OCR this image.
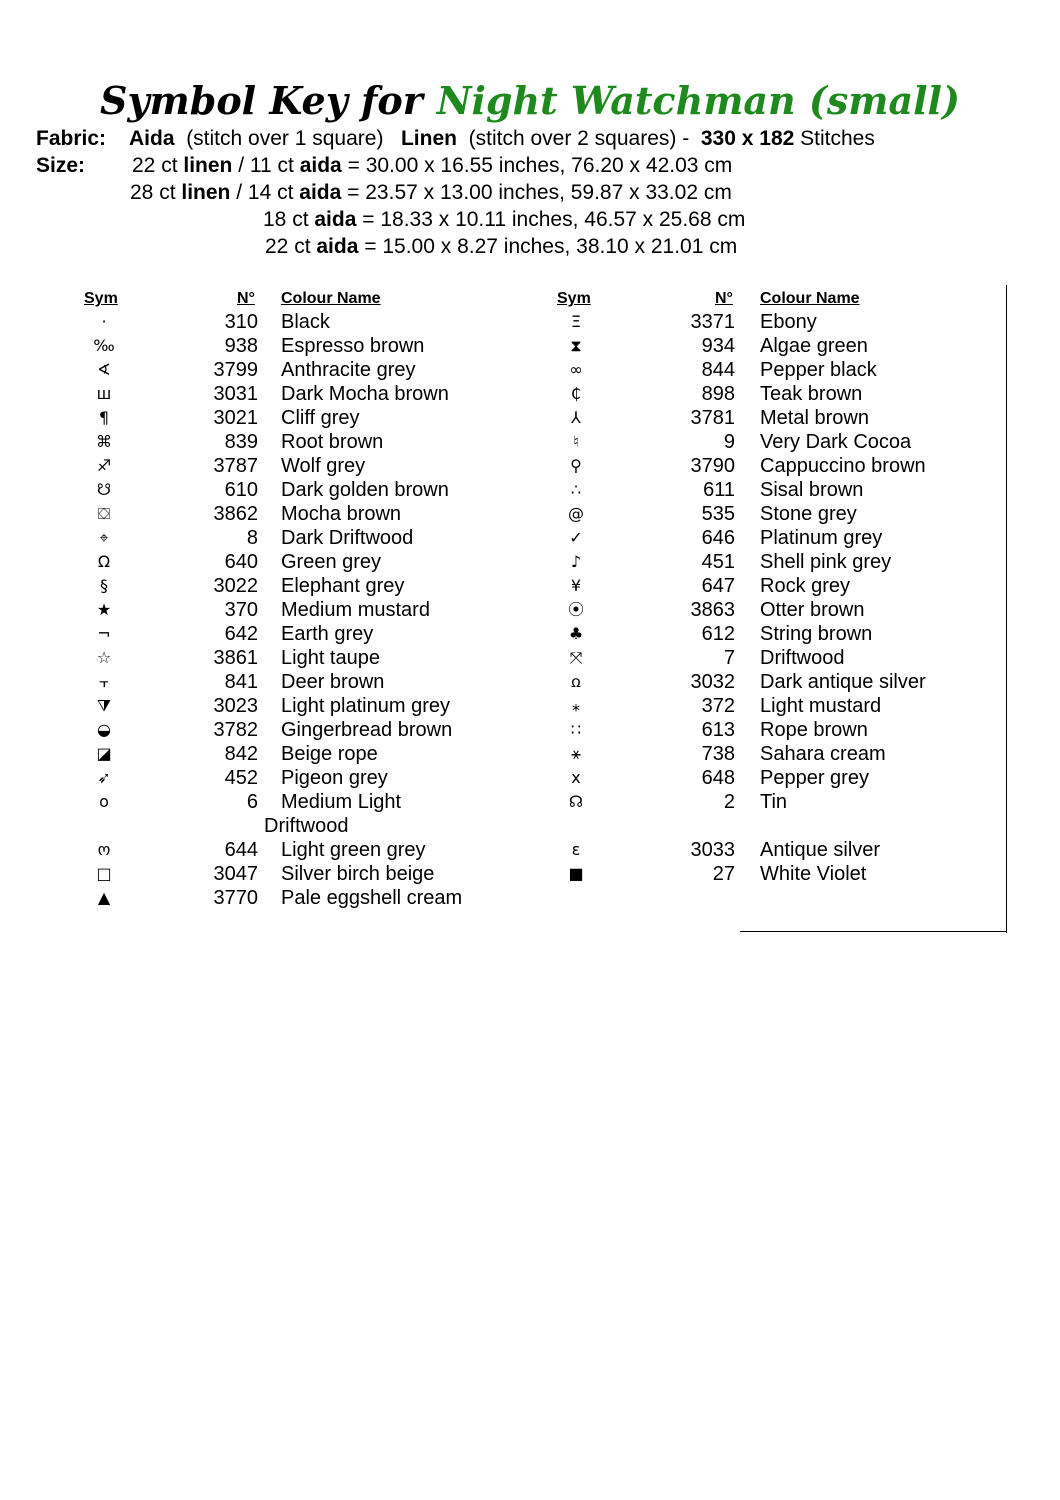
Symbol Key for Night Watchman (small)
Fabric: Aida (stitch over 1 square) Linen (stitch over 2 squares) - 330 x 182 Stitches
Size: 22 ct linen / 11 ct aida = 30.00 x 16.55 inches, 76.20 x 42.03 cm
28 ct linen / 14 ct aida = 23.57 x 13.00 inches, 59.87 x 33.02 cm
18 ct aida = 18.33 x 10.11 inches, 46.57 x 25.68 cm
22 ct aida = 15.00 x 8.27 inches, 38.10 x 21.01 cm
Sym	N° Colour Name	Sym	N° Colour Name
·	310 Black
‰	938 Espresso brown
∢	3799 Anthracite grey
ш	3031 Dark Mocha brown
¶	3021 Cliff grey
⌘	839 Root brown
♐	3787 Wolf grey
☋	610 Dark golden brown
⛋	3862 Mocha brown
⌖	8 Dark Driftwood
Ω	640 Green grey
§	3022 Elephant grey
★	370 Medium mustard
¬	642 Earth grey
☆	3861 Light taupe
⫟	841 Deer brown
⧩	3023 Light platinum grey
◒	3782 Gingerbread brown
◪	842 Beige rope
➶	452 Pigeon grey
o	6 Medium Light
Driftwood
ო	644 Light green grey
□	3047 Silver birch beige
▲	3770 Pale eggshell cream
Ξ	3371 Ebony
⧗	934 Algae green
∞	844 Pepper black
₵	898 Teak brown
⅄	3781 Metal brown
♮	9 Very Dark Cocoa
⚲	3790 Cappuccino brown
∴	611 Sisal brown
@	535 Stone grey
✓	646 Platinum grey
♪	451 Shell pink grey
¥	647 Rock grey
⦿	3863 Otter brown
♣	612 String brown
⤧	7 Driftwood
ꭥ	3032 Dark antique silver
⁎	372 Light mustard
∷	613 Rope brown
⚹	738 Sahara cream
x	648 Pepper grey
☊	2 Tin
ε	3033 Antique silver
■	27 White Violet
